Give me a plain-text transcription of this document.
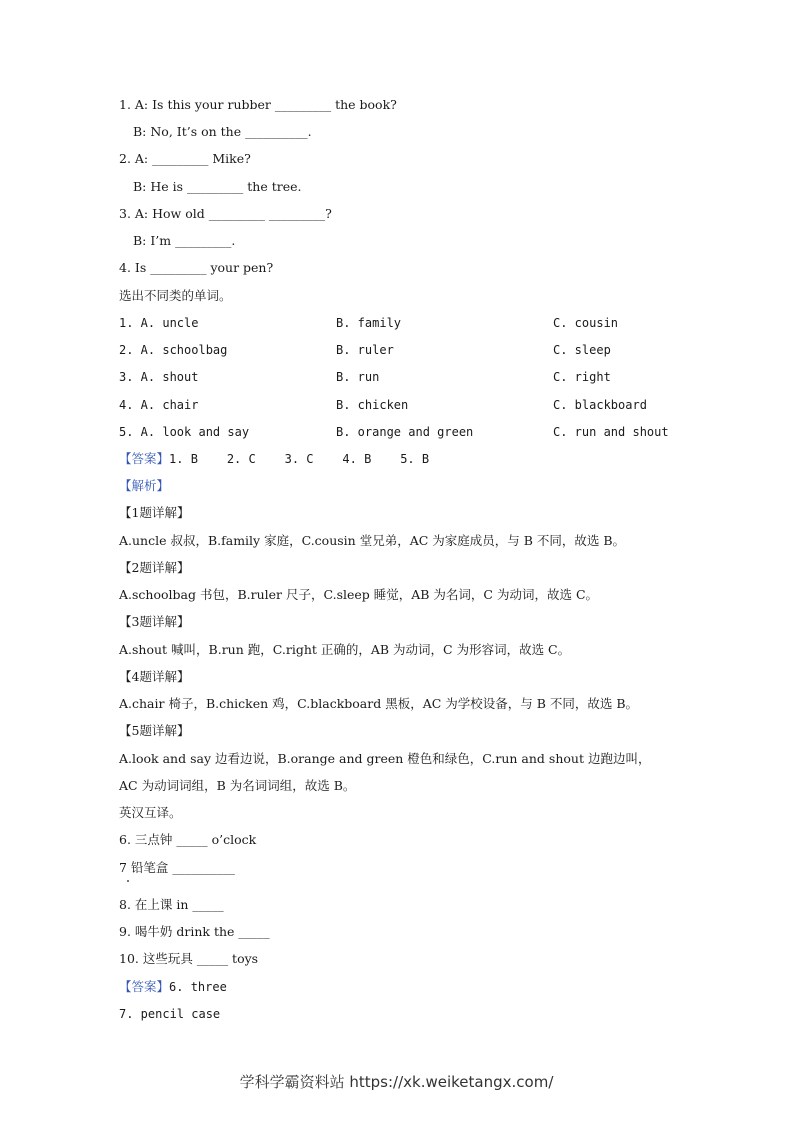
1. A: Is this your rubber _________ the book?
B: No, It’s on the __________.
2. A: _________ Mike?
B: He is _________ the tree.
3. A: How old _________ _________?
B: I’m _________.
4. Is _________ your pen?
选出不同类的单词。
1. A. uncle	B. family	C. cousin
2. A. schoolbag	B. ruler	C. sleep
3. A. shout	B. run	C. right
4. A. chair	B. chicken	C. blackboard
5. A. look and say	B. orange and green	C. run and shout
【答案】1. B    2. C    3. C    4. B    5. B
【解析】
【1题详解】
A.uncle 叔叔，B.family 家庭，C.cousin 堂兄弟，AC 为家庭成员，与 B 不同，故选 B。
【2题详解】
A.schoolbag 书包，B.ruler 尺子，C.sleep 睡觉，AB 为名词，C 为动词，故选 C。
【3题详解】
A.shout 喊叫，B.run 跑，C.right 正确的，AB 为动词，C 为形容词，故选 C。
【4题详解】
A.chair 椅子，B.chicken 鸡，C.blackboard 黑板，AC 为学校设备，与 B 不同，故选 B。
【5题详解】
A.look and say 边看边说，B.orange and green 橙色和绿色，C.run and shout 边跑边叫，
AC 为动词词组，B 为名词词组，故选 B。
英汉互译。
6. 三点钟 _____ o’clock
7 铅笔盒 __________
8. 在上课 in _____
9. 喝牛奶 drink the _____
10. 这些玩具 _____ toys
【答案】6. three
7. pencil case
学科学霸资料站 https://xk.weiketangx.com/
